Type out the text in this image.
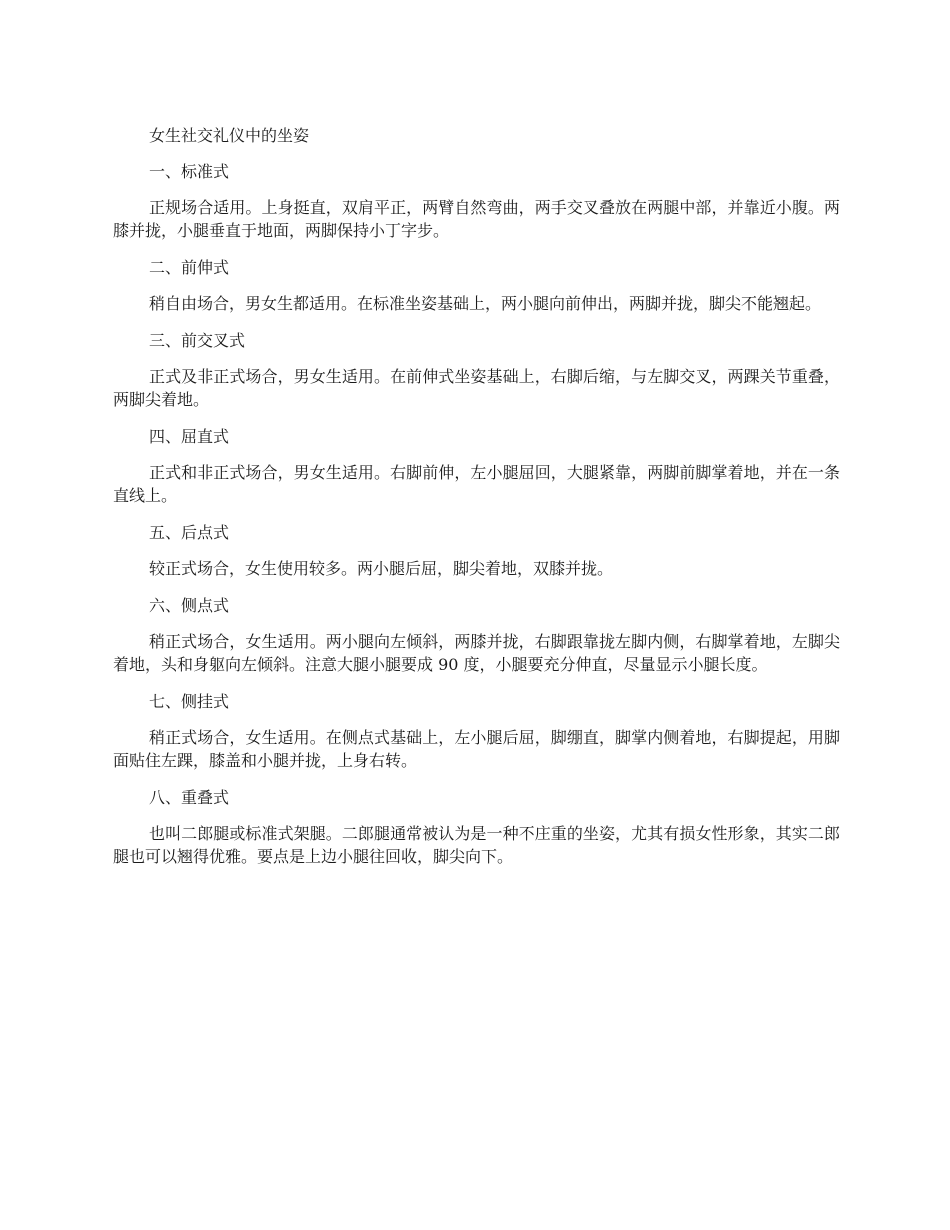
女生社交礼仪中的坐姿

一、标准式

正规场合适用。上身挺直，双肩平正，两臂自然弯曲，两手交叉叠放在两腿中部，并靠近小腹。两膝并拢，小腿垂直于地面，两脚保持小丁字步。

二、前伸式

稍自由场合，男女生都适用。在标准坐姿基础上，两小腿向前伸出，两脚并拢，脚尖不能翘起。

三、前交叉式

正式及非正式场合，男女生适用。在前伸式坐姿基础上，右脚后缩，与左脚交叉，两踝关节重叠，两脚尖着地。

四、屈直式

正式和非正式场合，男女生适用。右脚前伸，左小腿屈回，大腿紧靠，两脚前脚掌着地，并在一条直线上。

五、后点式

较正式场合，女生使用较多。两小腿后屈，脚尖着地，双膝并拢。

六、侧点式

稍正式场合，女生适用。两小腿向左倾斜，两膝并拢，右脚跟靠拢左脚内侧，右脚掌着地，左脚尖着地，头和身躯向左倾斜。注意大腿小腿要成 90 度，小腿要充分伸直，尽量显示小腿长度。

七、侧挂式

稍正式场合，女生适用。在侧点式基础上，左小腿后屈，脚绷直，脚掌内侧着地，右脚提起，用脚面贴住左踝，膝盖和小腿并拢，上身右转。

八、重叠式

也叫二郎腿或标准式架腿。二郎腿通常被认为是一种不庄重的坐姿，尤其有损女性形象，其实二郎腿也可以翘得优雅。要点是上边小腿往回收，脚尖向下。
